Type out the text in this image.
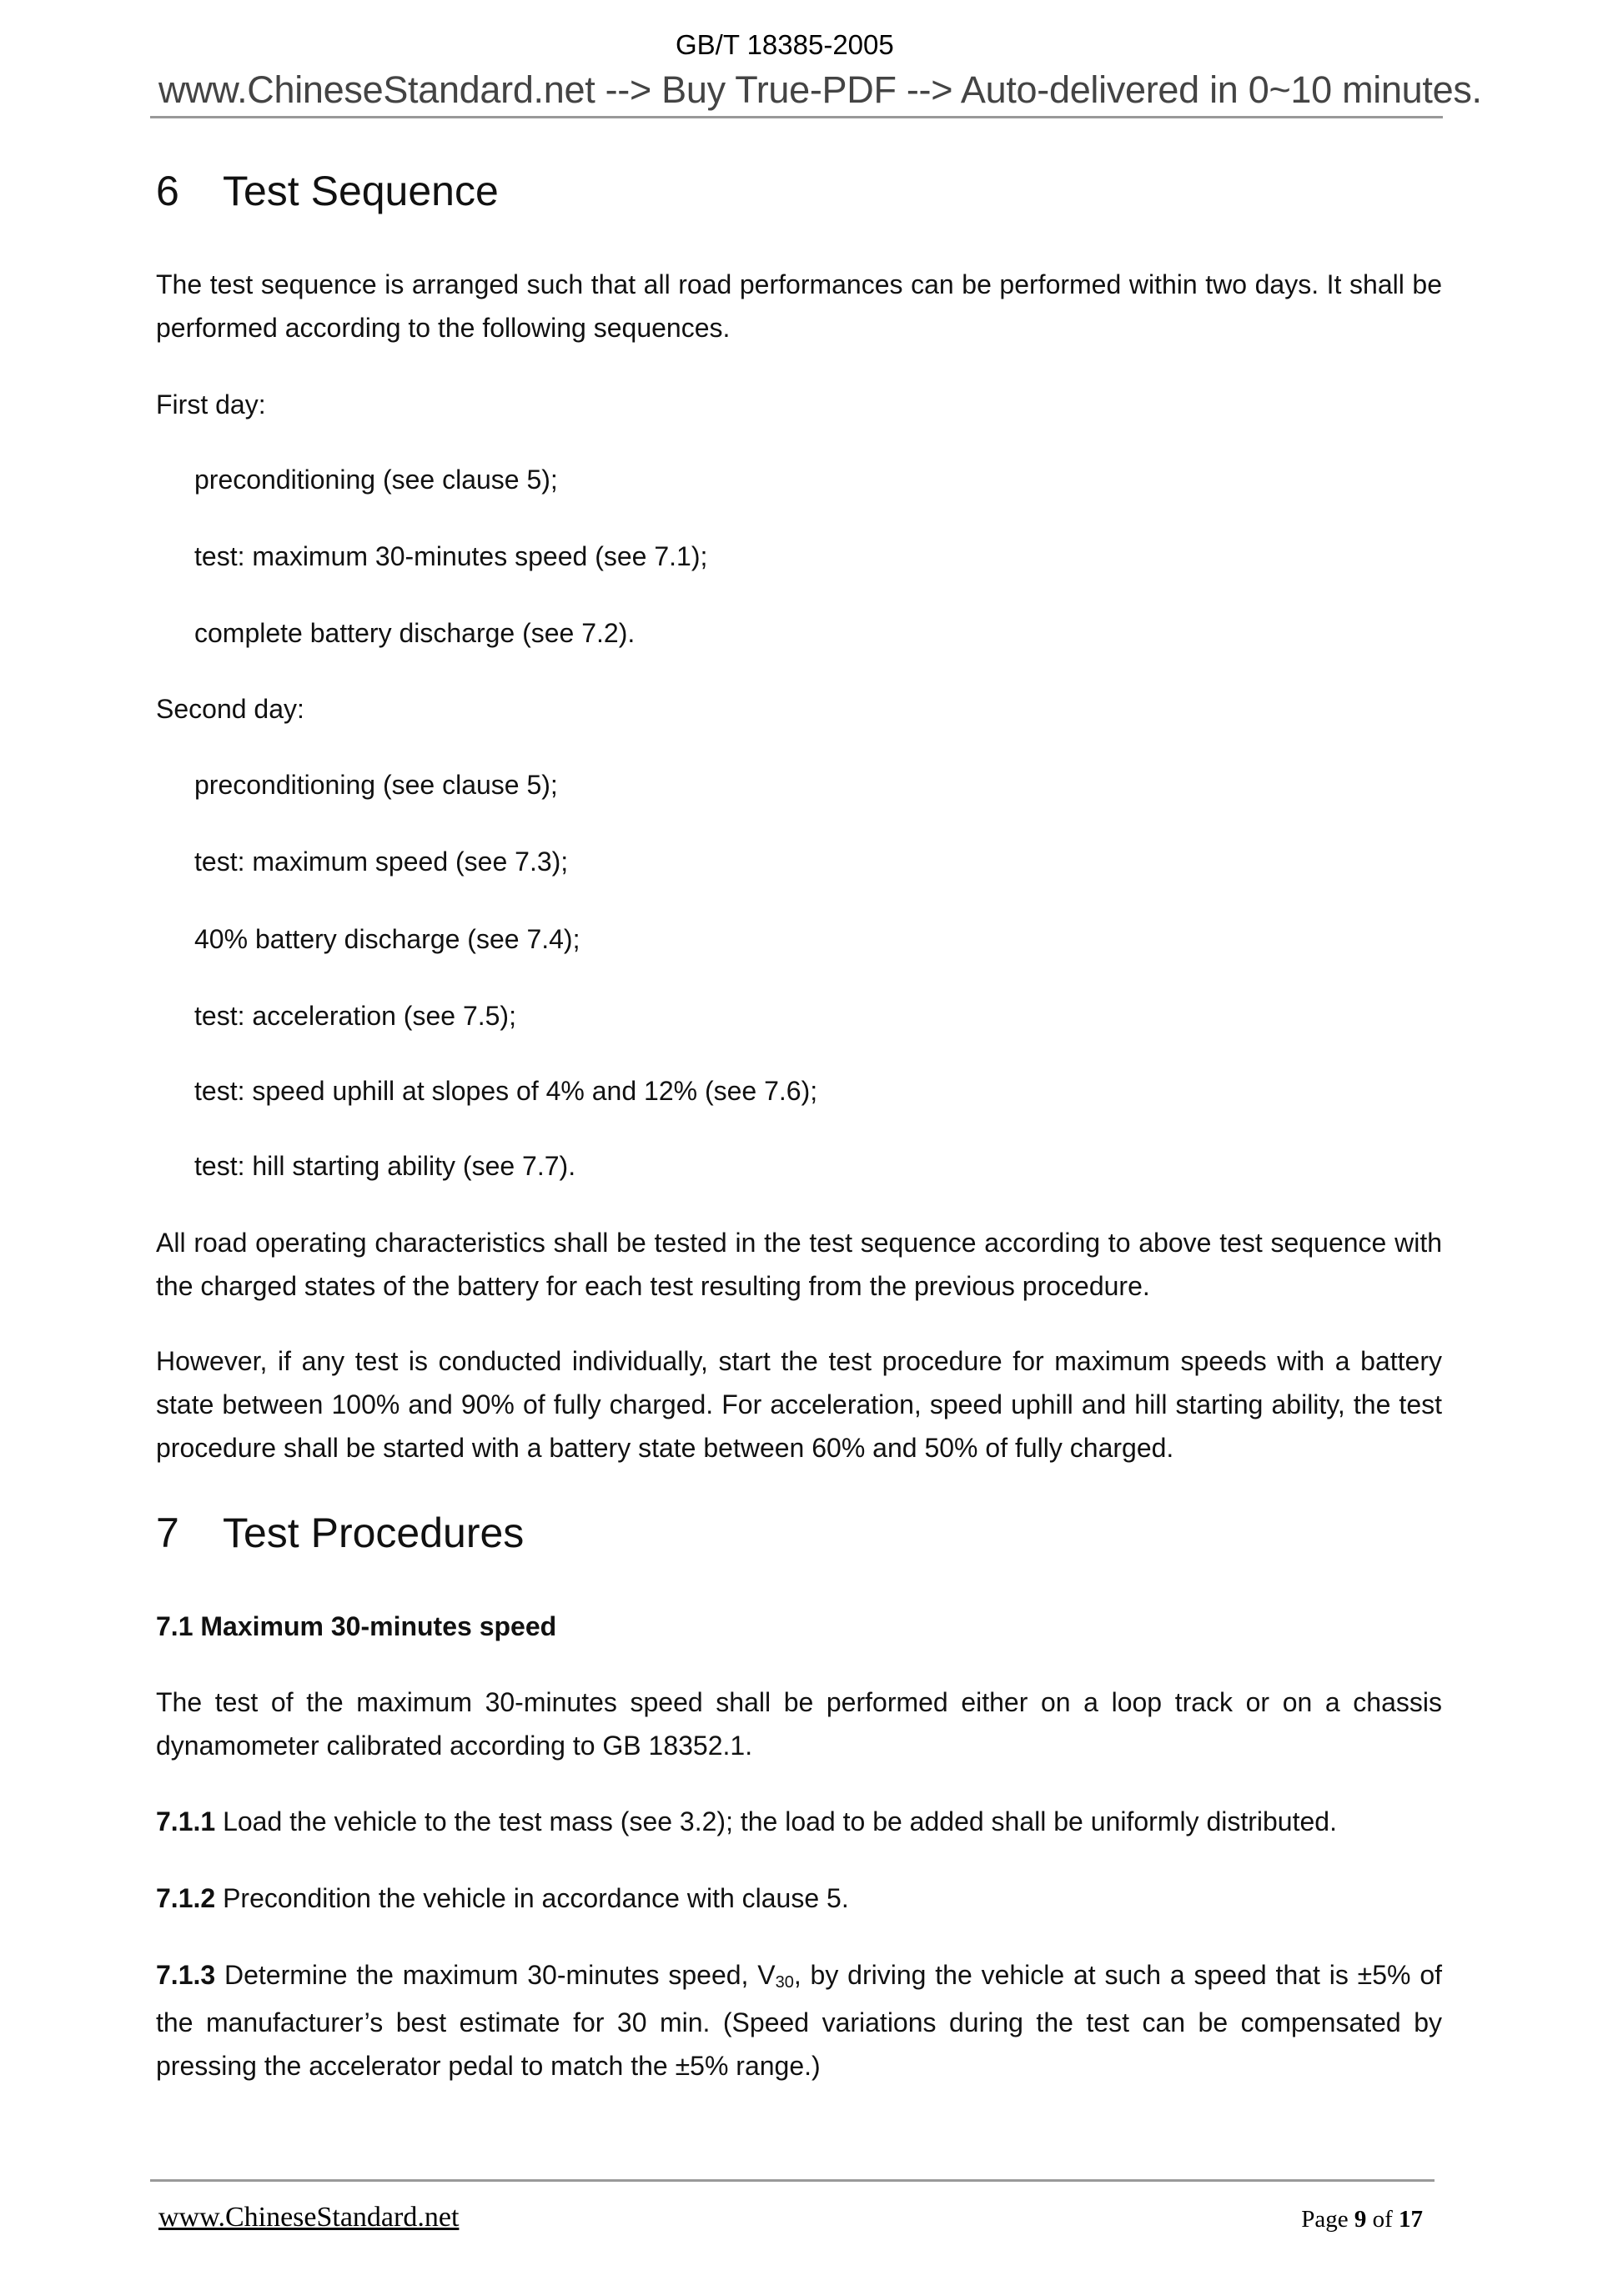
www.ChineseStandard.net --> Buy True-PDF --> Auto-delivered in 0~10 minutes.
GB/T 18385-2005
6 Test Sequence
The test sequence is arranged such that all road performances can be performed within two days. It shall be performed according to the following sequences.
First day:
preconditioning (see clause 5);
test: maximum 30-minutes speed (see 7.1);
complete battery discharge (see 7.2).
Second day:
preconditioning (see clause 5);
test: maximum speed (see 7.3);
40% battery discharge (see 7.4);
test: acceleration (see 7.5);
test: speed uphill at slopes of 4% and 12% (see 7.6);
test: hill starting ability (see 7.7).
All road operating characteristics shall be tested in the test sequence according to above test sequence with the charged states of the battery for each test resulting from the previous procedure.
However, if any test is conducted individually, start the test procedure for maximum speeds with a battery state between 100% and 90% of fully charged. For acceleration, speed uphill and hill starting ability, the test procedure shall be started with a battery state between 60% and 50% of fully charged.
7 Test Procedures
7.1 Maximum 30-minutes speed
The test of the maximum 30-minutes speed shall be performed either on a loop track or on a chassis dynamometer calibrated according to GB 18352.1.
7.1.1 Load the vehicle to the test mass (see 3.2); the load to be added shall be uniformly distributed.
7.1.2 Precondition the vehicle in accordance with clause 5.
7.1.3 Determine the maximum 30-minutes speed, $V_{30}$, by driving the vehicle at such a speed that is ±5% of the manufacturer’s best estimate for 30 min. (Speed variations during the test can be compensated by pressing the accelerator pedal to match the ±5% range.)
www.ChineseStandard.net	Page 9 of 17
